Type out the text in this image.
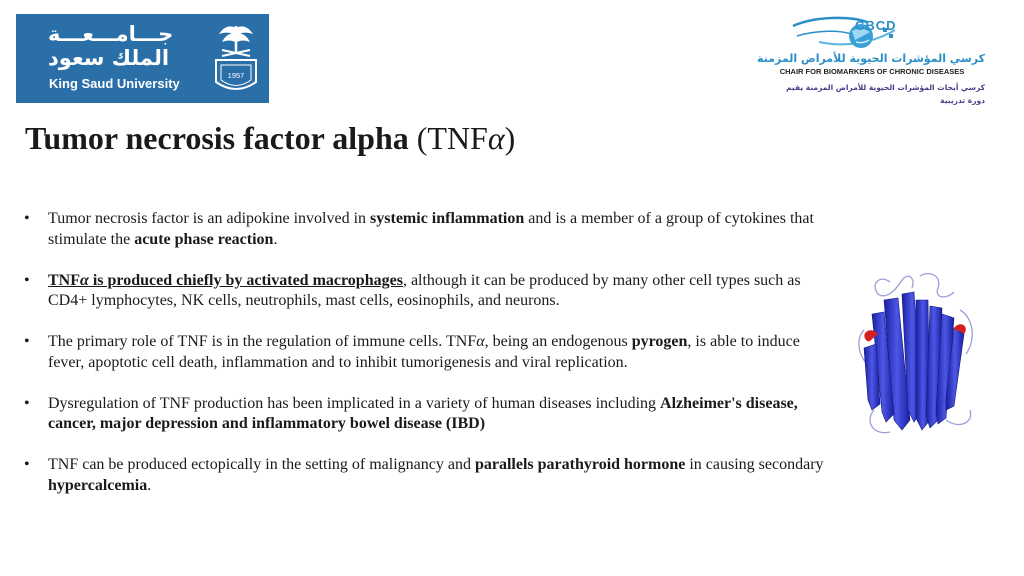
جـــامـــعـــة
الملك سعود
King Saud University
1957
CBCD
كرسي المؤشرات الحيوية للأمراض المزمنة
CHAIR FOR BIOMARKERS OF CHRONIC DISEASES
كرسي أبحاث المؤشرات الحيوية للأمراض المزمنة يقيم
دورة تدريبية
Tumor necrosis factor alpha (TNFα)
• Tumor necrosis factor is an adipokine involved in systemic inflammation and is a member of a group of cytokines that stimulate the acute phase reaction.
• TNFα is produced chiefly by activated macrophages, although it can be produced by many other cell types such as CD4+ lymphocytes, NK cells, neutrophils, mast cells, eosinophils, and neurons.
• The primary role of TNF is in the regulation of immune cells. TNFα, being an endogenous pyrogen, is able to induce fever, apoptotic cell death, inflammation and to inhibit tumorigenesis and viral replication.
• Dysregulation of TNF production has been implicated in a variety of human diseases including Alzheimer's disease, cancer, major depression and inflammatory bowel disease (IBD)
• TNF can be produced ectopically in the setting of malignancy and parallels parathyroid hormone in causing secondary hypercalcemia.
